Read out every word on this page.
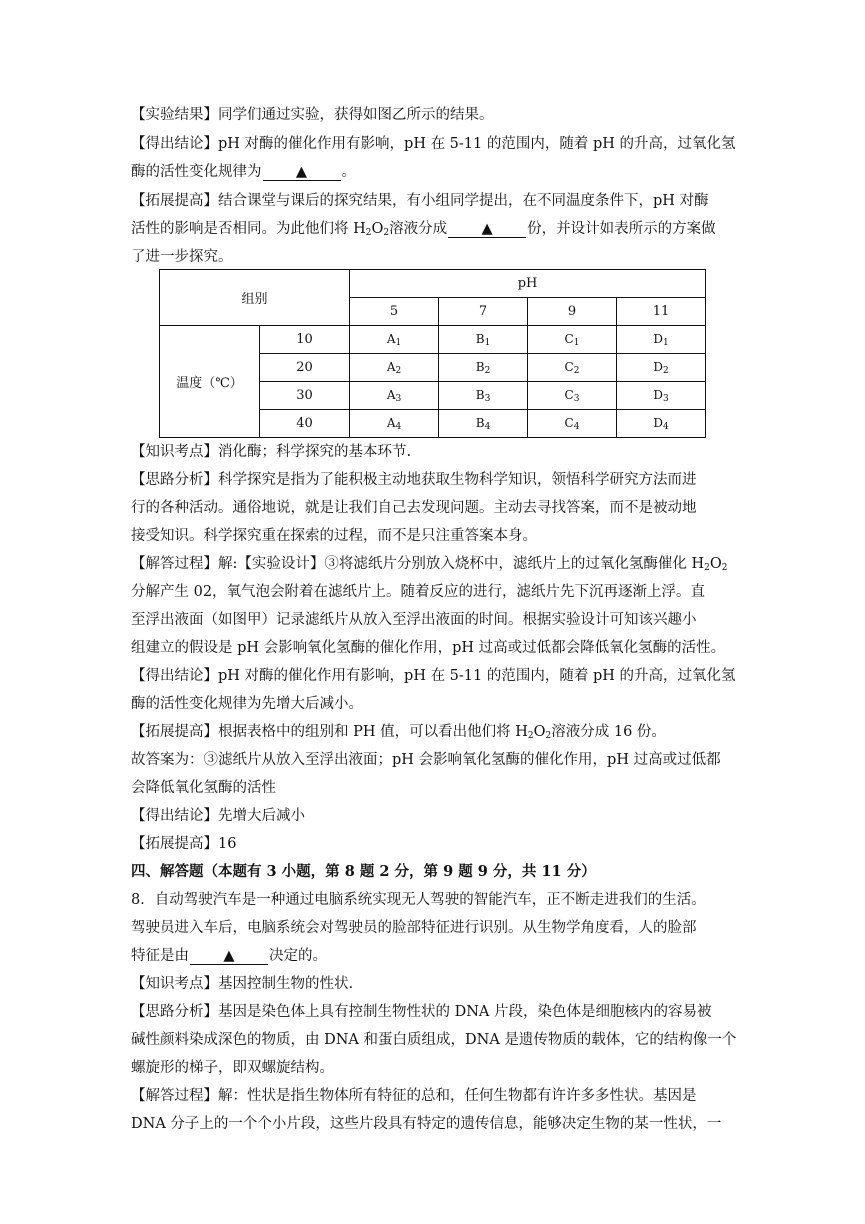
【实验结果】同学们通过实验，获得如图乙所示的结果。
【得出结论】pH 对酶的催化作用有影响，pH 在 5-11 的范围内，随着 pH 的升高，过氧化氢
酶的活性变化规律为 ▲ 。
【拓展提高】结合课堂与课后的探究结果，有小组同学提出，在不同温度条件下，pH 对酶
活性的影响是否相同。为此他们将 $H_2O_2$溶液分成 ▲ 份，并设计如表所示的方案做
了进一步探究。
组别		pH			
		5	7	9	11
温度（℃）	10	$A_1$	$B_1$	$C_1$	$D_1$
	20	$A_2$	$B_2$	$C_2$	$D_2$
	30	$A_3$	$B_3$	$C_3$	$D_3$
	40	$A_4$	$B_4$	$C_4$	$D_4$
【知识考点】消化酶；科学探究的基本环节.
【思路分析】科学探究是指为了能积极主动地获取生物科学知识，领悟科学研究方法而进
行的各种活动。通俗地说，就是让我们自己去发现问题。主动去寻找答案，而不是被动地
接受知识。科学探究重在探索的过程，而不是只注重答案本身。
【解答过程】解:【实验设计】③将滤纸片分别放入烧杯中，滤纸片上的过氧化氢酶催化 $H_2O_2$
分解产生 02，氧气泡会附着在滤纸片上。随着反应的进行，滤纸片先下沉再逐渐上浮。直
至浮出液面（如图甲）记录滤纸片从放入至浮出液面的时间。根据实验设计可知该兴趣小
组建立的假设是 pH 会影响氧化氢酶的催化作用，pH 过高或过低都会降低氧化氢酶的活性。
【得出结论】pH 对酶的催化作用有影响，pH 在 5-11 的范围内，随着 pH 的升高，过氧化氢
酶的活性变化规律为先增大后减小。
【拓展提高】根据表格中的组别和 PH 值，可以看出他们将 $H_2O_2$溶液分成 16 份。
故答案为：③滤纸片从放入至浮出液面；pH 会影响氧化氢酶的催化作用，pH 过高或过低都
会降低氧化氢酶的活性
【得出结论】先增大后减小
【拓展提高】16
四、解答题（本题有 3 小题，第 8 题 2 分，第 9 题 9 分，共 11 分）
8．自动驾驶汽车是一种通过电脑系统实现无人驾驶的智能汽车，正不断走进我们的生活。
驾驶员进入车后，电脑系统会对驾驶员的脸部特征进行识别。从生物学角度看，人的脸部
特征是由 ▲ 决定的。
【知识考点】基因控制生物的性状.
【思路分析】基因是染色体上具有控制生物性状的 DNA 片段，染色体是细胞核内的容易被
碱性颜料染成深色的物质，由 DNA 和蛋白质组成，DNA 是遗传物质的载体，它的结构像一个
螺旋形的梯子，即双螺旋结构。
【解答过程】解：性状是指生物体所有特征的总和，任何生物都有许许多多性状。基因是
DNA 分子上的一个个小片段，这些片段具有特定的遗传信息，能够决定生物的某一性状，一
